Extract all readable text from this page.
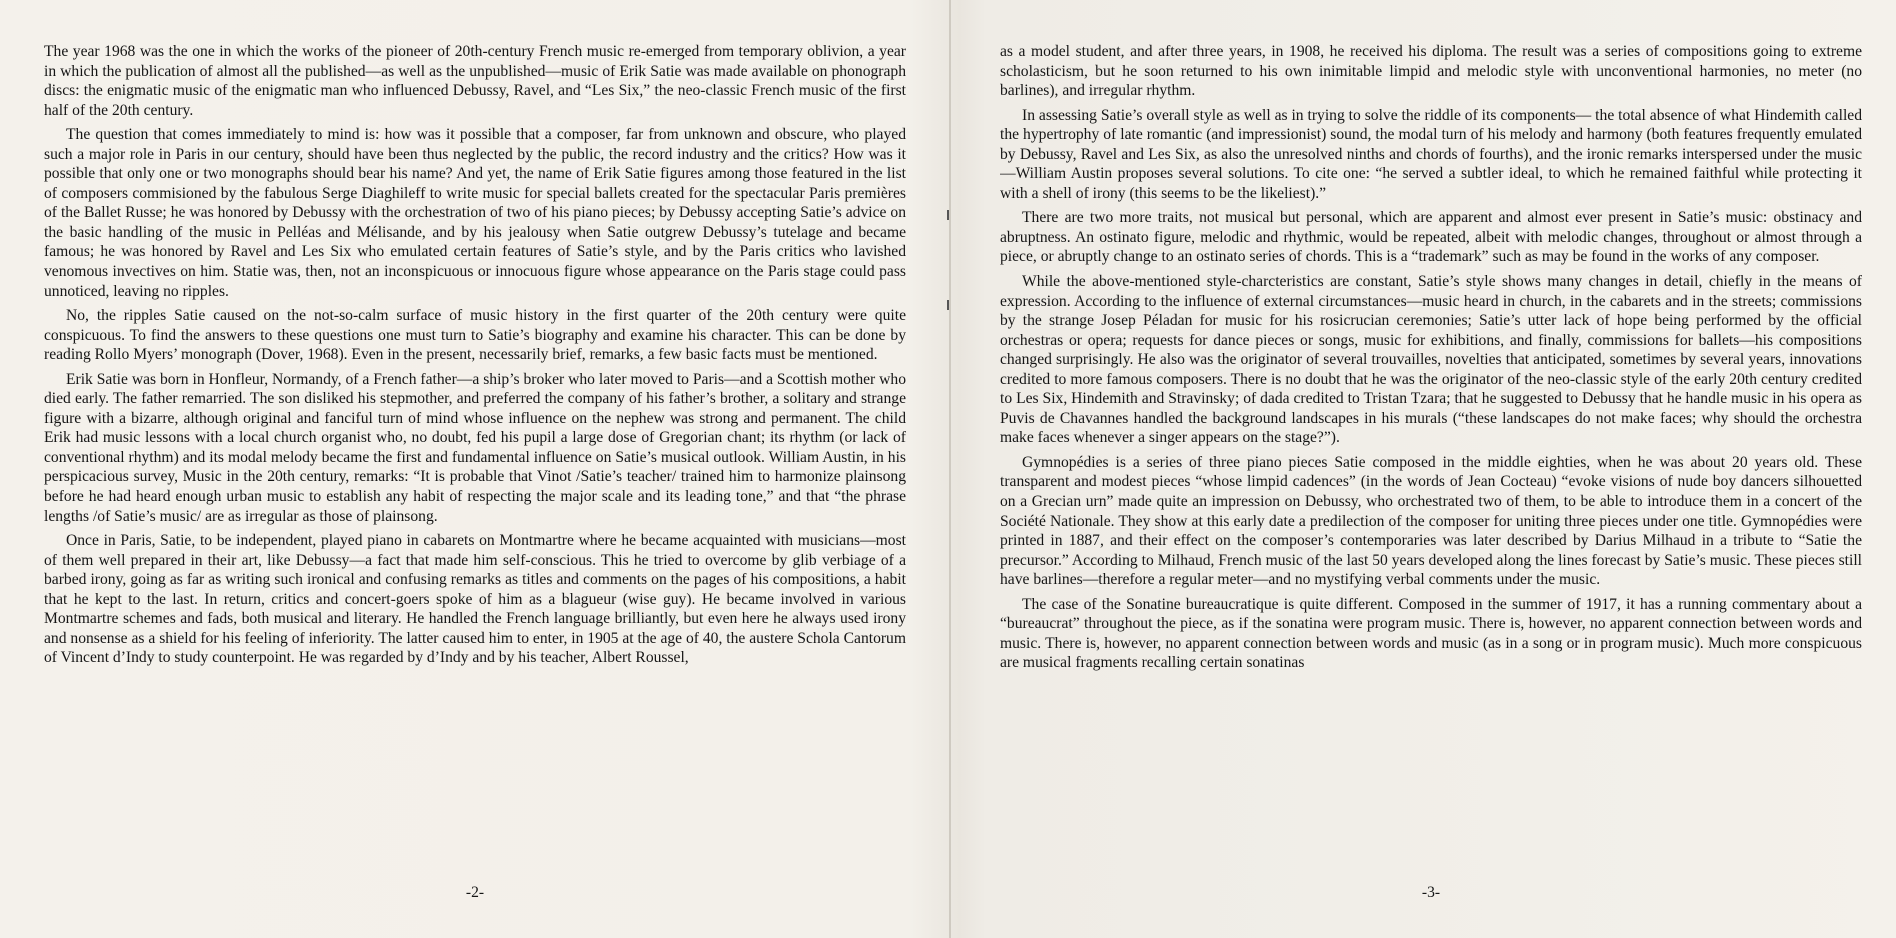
The year 1968 was the one in which the works of the pioneer of 20th-century French music re-emerged from temporary oblivion, a year in which the publication of almost all the published—as well as the unpublished—music of Erik Satie was made available on phonograph discs: the enigmatic music of the enigmatic man who influenced Debussy, Ravel, and “Les Six,” the neo-classic French music of the first half of the 20th century.

The question that comes immediately to mind is: how was it possible that a composer, far from unknown and obscure, who played such a major role in Paris in our century, should have been thus neglected by the public, the record industry and the critics? How was it possible that only one or two monographs should bear his name? And yet, the name of Erik Satie figures among those featured in the list of composers commisioned by the fabulous Serge Diaghileff to write music for special ballets created for the spectacular Paris premières of the Ballet Russe; he was honored by Debussy with the orchestration of two of his piano pieces; by Debussy accepting Satie’s advice on the basic handling of the music in Pelléas and Mélisande, and by his jealousy when Satie outgrew Debussy’s tutelage and became famous; he was honored by Ravel and Les Six who emulated certain features of Satie’s style, and by the Paris critics who lavished venomous invectives on him. Statie was, then, not an inconspicuous or innocuous figure whose appearance on the Paris stage could pass unnoticed, leaving no ripples.

No, the ripples Satie caused on the not-so-calm surface of music history in the first quarter of the 20th century were quite conspicuous. To find the answers to these questions one must turn to Satie’s biography and examine his character. This can be done by reading Rollo Myers’ monograph (Dover, 1968). Even in the present, necessarily brief, remarks, a few basic facts must be mentioned.

Erik Satie was born in Honfleur, Normandy, of a French father—a ship’s broker who later moved to Paris—and a Scottish mother who died early. The father remarried. The son disliked his stepmother, and preferred the company of his father’s brother, a solitary and strange figure with a bizarre, although original and fanciful turn of mind whose influence on the nephew was strong and permanent. The child Erik had music lessons with a local church organist who, no doubt, fed his pupil a large dose of Gregorian chant; its rhythm (or lack of conventional rhythm) and its modal melody became the first and fundamental influence on Satie’s musical outlook. William Austin, in his perspicacious survey, Music in the 20th century, remarks: “It is probable that Vinot /Satie’s teacher/ trained him to harmonize plainsong before he had heard enough urban music to establish any habit of respecting the major scale and its leading tone,” and that “the phrase lengths /of Satie’s music/ are as irregular as those of plainsong.

Once in Paris, Satie, to be independent, played piano in cabarets on Montmartre where he became acquainted with musicians—most of them well prepared in their art, like Debussy—a fact that made him self-conscious. This he tried to overcome by glib verbiage of a barbed irony, going as far as writing such ironical and confusing remarks as titles and comments on the pages of his compositions, a habit that he kept to the last. In return, critics and concert-goers spoke of him as a blagueur (wise guy). He became involved in various Montmartre schemes and fads, both musical and literary. He handled the French language brilliantly, but even here he always used irony and nonsense as a shield for his feeling of inferiority. The latter caused him to enter, in 1905 at the age of 40, the austere Schola Cantorum of Vincent d’Indy to study counterpoint. He was regarded by d’Indy and by his teacher, Albert Roussel,

-2-

as a model student, and after three years, in 1908, he received his diploma. The result was a series of compositions going to extreme scholasticism, but he soon returned to his own inimitable limpid and melodic style with unconventional harmonies, no meter (no barlines), and irregular rhythm.

In assessing Satie’s overall style as well as in trying to solve the riddle of its components— the total absence of what Hindemith called the hypertrophy of late romantic (and impressionist) sound, the modal turn of his melody and harmony (both features frequently emulated by Debussy, Ravel and Les Six, as also the unresolved ninths and chords of fourths), and the ironic remarks interspersed under the music—William Austin proposes several solutions. To cite one: “he served a subtler ideal, to which he remained faithful while protecting it with a shell of irony (this seems to be the likeliest).”

There are two more traits, not musical but personal, which are apparent and almost ever present in Satie’s music: obstinacy and abruptness. An ostinato figure, melodic and rhythmic, would be repeated, albeit with melodic changes, throughout or almost through a piece, or abruptly change to an ostinato series of chords. This is a “trademark” such as may be found in the works of any composer.

While the above-mentioned style-charcteristics are constant, Satie’s style shows many changes in detail, chiefly in the means of expression. According to the influence of external circumstances—music heard in church, in the cabarets and in the streets; commissions by the strange Josep Péladan for music for his rosicrucian ceremonies; Satie’s utter lack of hope being performed by the official orchestras or opera; requests for dance pieces or songs, music for exhibitions, and finally, commissions for ballets—his compositions changed surprisingly. He also was the originator of several trouvailles, novelties that anticipated, sometimes by several years, innovations credited to more famous composers. There is no doubt that he was the originator of the neo-classic style of the early 20th century credited to Les Six, Hindemith and Stravinsky; of dada credited to Tristan Tzara; that he suggested to Debussy that he handle music in his opera as Puvis de Chavannes handled the background landscapes in his murals (“these landscapes do not make faces; why should the orchestra make faces whenever a singer appears on the stage?”).

Gymnopédies is a series of three piano pieces Satie composed in the middle eighties, when he was about 20 years old. These transparent and modest pieces “whose limpid cadences” (in the words of Jean Cocteau) “evoke visions of nude boy dancers silhouetted on a Grecian urn” made quite an impression on Debussy, who orchestrated two of them, to be able to introduce them in a concert of the Société Nationale. They show at this early date a predilection of the composer for uniting three pieces under one title. Gymnopédies were printed in 1887, and their effect on the composer’s contemporaries was later described by Darius Milhaud in a tribute to “Satie the precursor.” According to Milhaud, French music of the last 50 years developed along the lines forecast by Satie’s music. These pieces still have barlines—therefore a regular meter—and no mystifying verbal comments under the music.

The case of the Sonatine bureaucratique is quite different. Composed in the summer of 1917, it has a running commentary about a “bureaucrat” throughout the piece, as if the sonatina were program music. There is, however, no apparent connection between words and music. There is, however, no apparent connection between words and music (as in a song or in program music). Much more conspicuous are musical fragments recalling certain sonatinas

-3-
